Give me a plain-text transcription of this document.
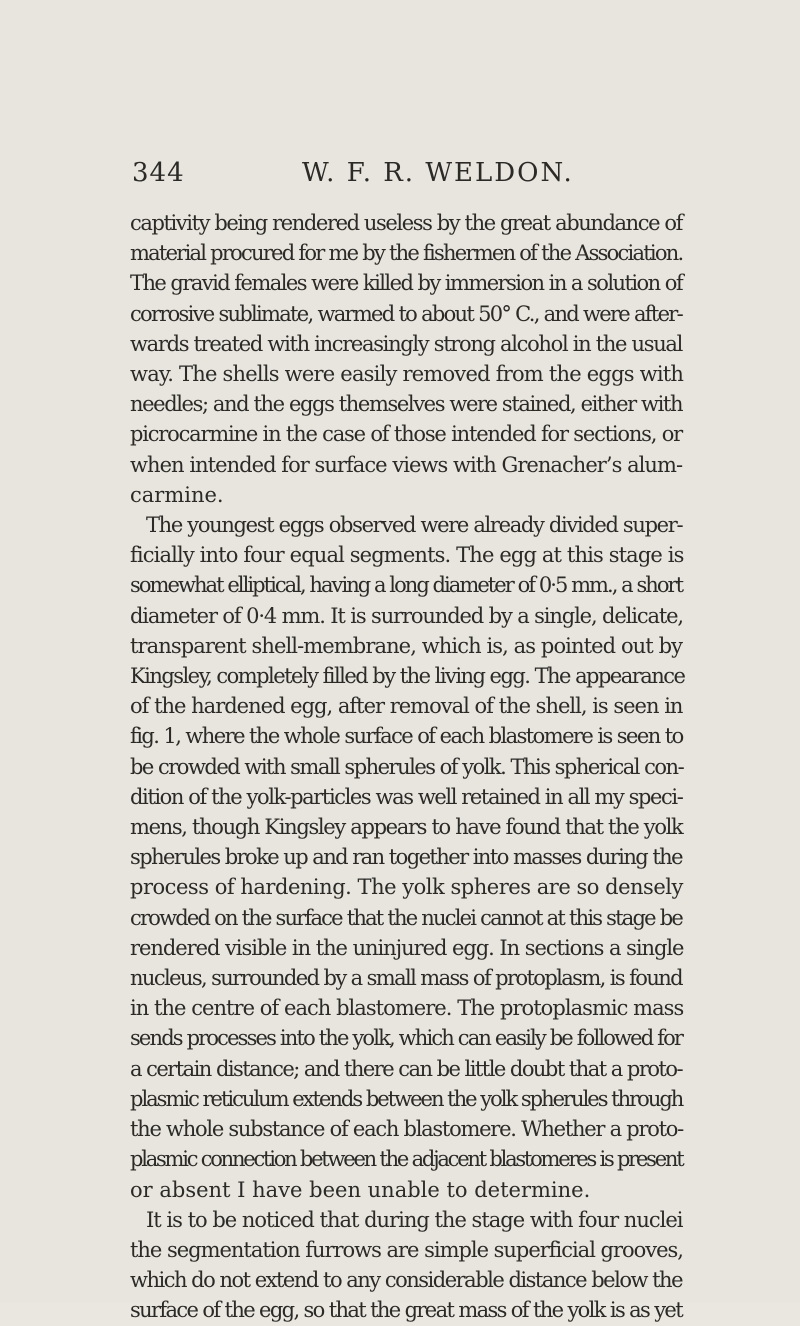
344	W. F. R. WELDON.

captivity being rendered useless by the great abundance of
material procured for me by the fishermen of the Association.
The gravid females were killed by immersion in a solution of
corrosive sublimate, warmed to about 50° C., and were after-
wards treated with increasingly strong alcohol in the usual
way. The shells were easily removed from the eggs with
needles; and the eggs themselves were stained, either with
picrocarmine in the case of those intended for sections, or
when intended for surface views with Grenacher’s alum-
carmine.

The youngest eggs observed were already divided super-
ficially into four equal segments. The egg at this stage is
somewhat elliptical, having a long diameter of 0·5 mm., a short
diameter of 0·4 mm. It is surrounded by a single, delicate,
transparent shell-membrane, which is, as pointed out by
Kingsley, completely filled by the living egg. The appearance
of the hardened egg, after removal of the shell, is seen in
fig. 1, where the whole surface of each blastomere is seen to
be crowded with small spherules of yolk. This spherical con-
dition of the yolk-particles was well retained in all my speci-
mens, though Kingsley appears to have found that the yolk
spherules broke up and ran together into masses during the
process of hardening. The yolk spheres are so densely
crowded on the surface that the nuclei cannot at this stage be
rendered visible in the uninjured egg. In sections a single
nucleus, surrounded by a small mass of protoplasm, is found
in the centre of each blastomere. The protoplasmic mass
sends processes into the yolk, which can easily be followed for
a certain distance; and there can be little doubt that a proto-
plasmic reticulum extends between the yolk spherules through
the whole substance of each blastomere. Whether a proto-
plasmic connection between the adjacent blastomeres is present
or absent I have been unable to determine.

It is to be noticed that during the stage with four nuclei
the segmentation furrows are simple superficial grooves,
which do not extend to any considerable distance below the
surface of the egg, so that the great mass of the yolk is as yet
